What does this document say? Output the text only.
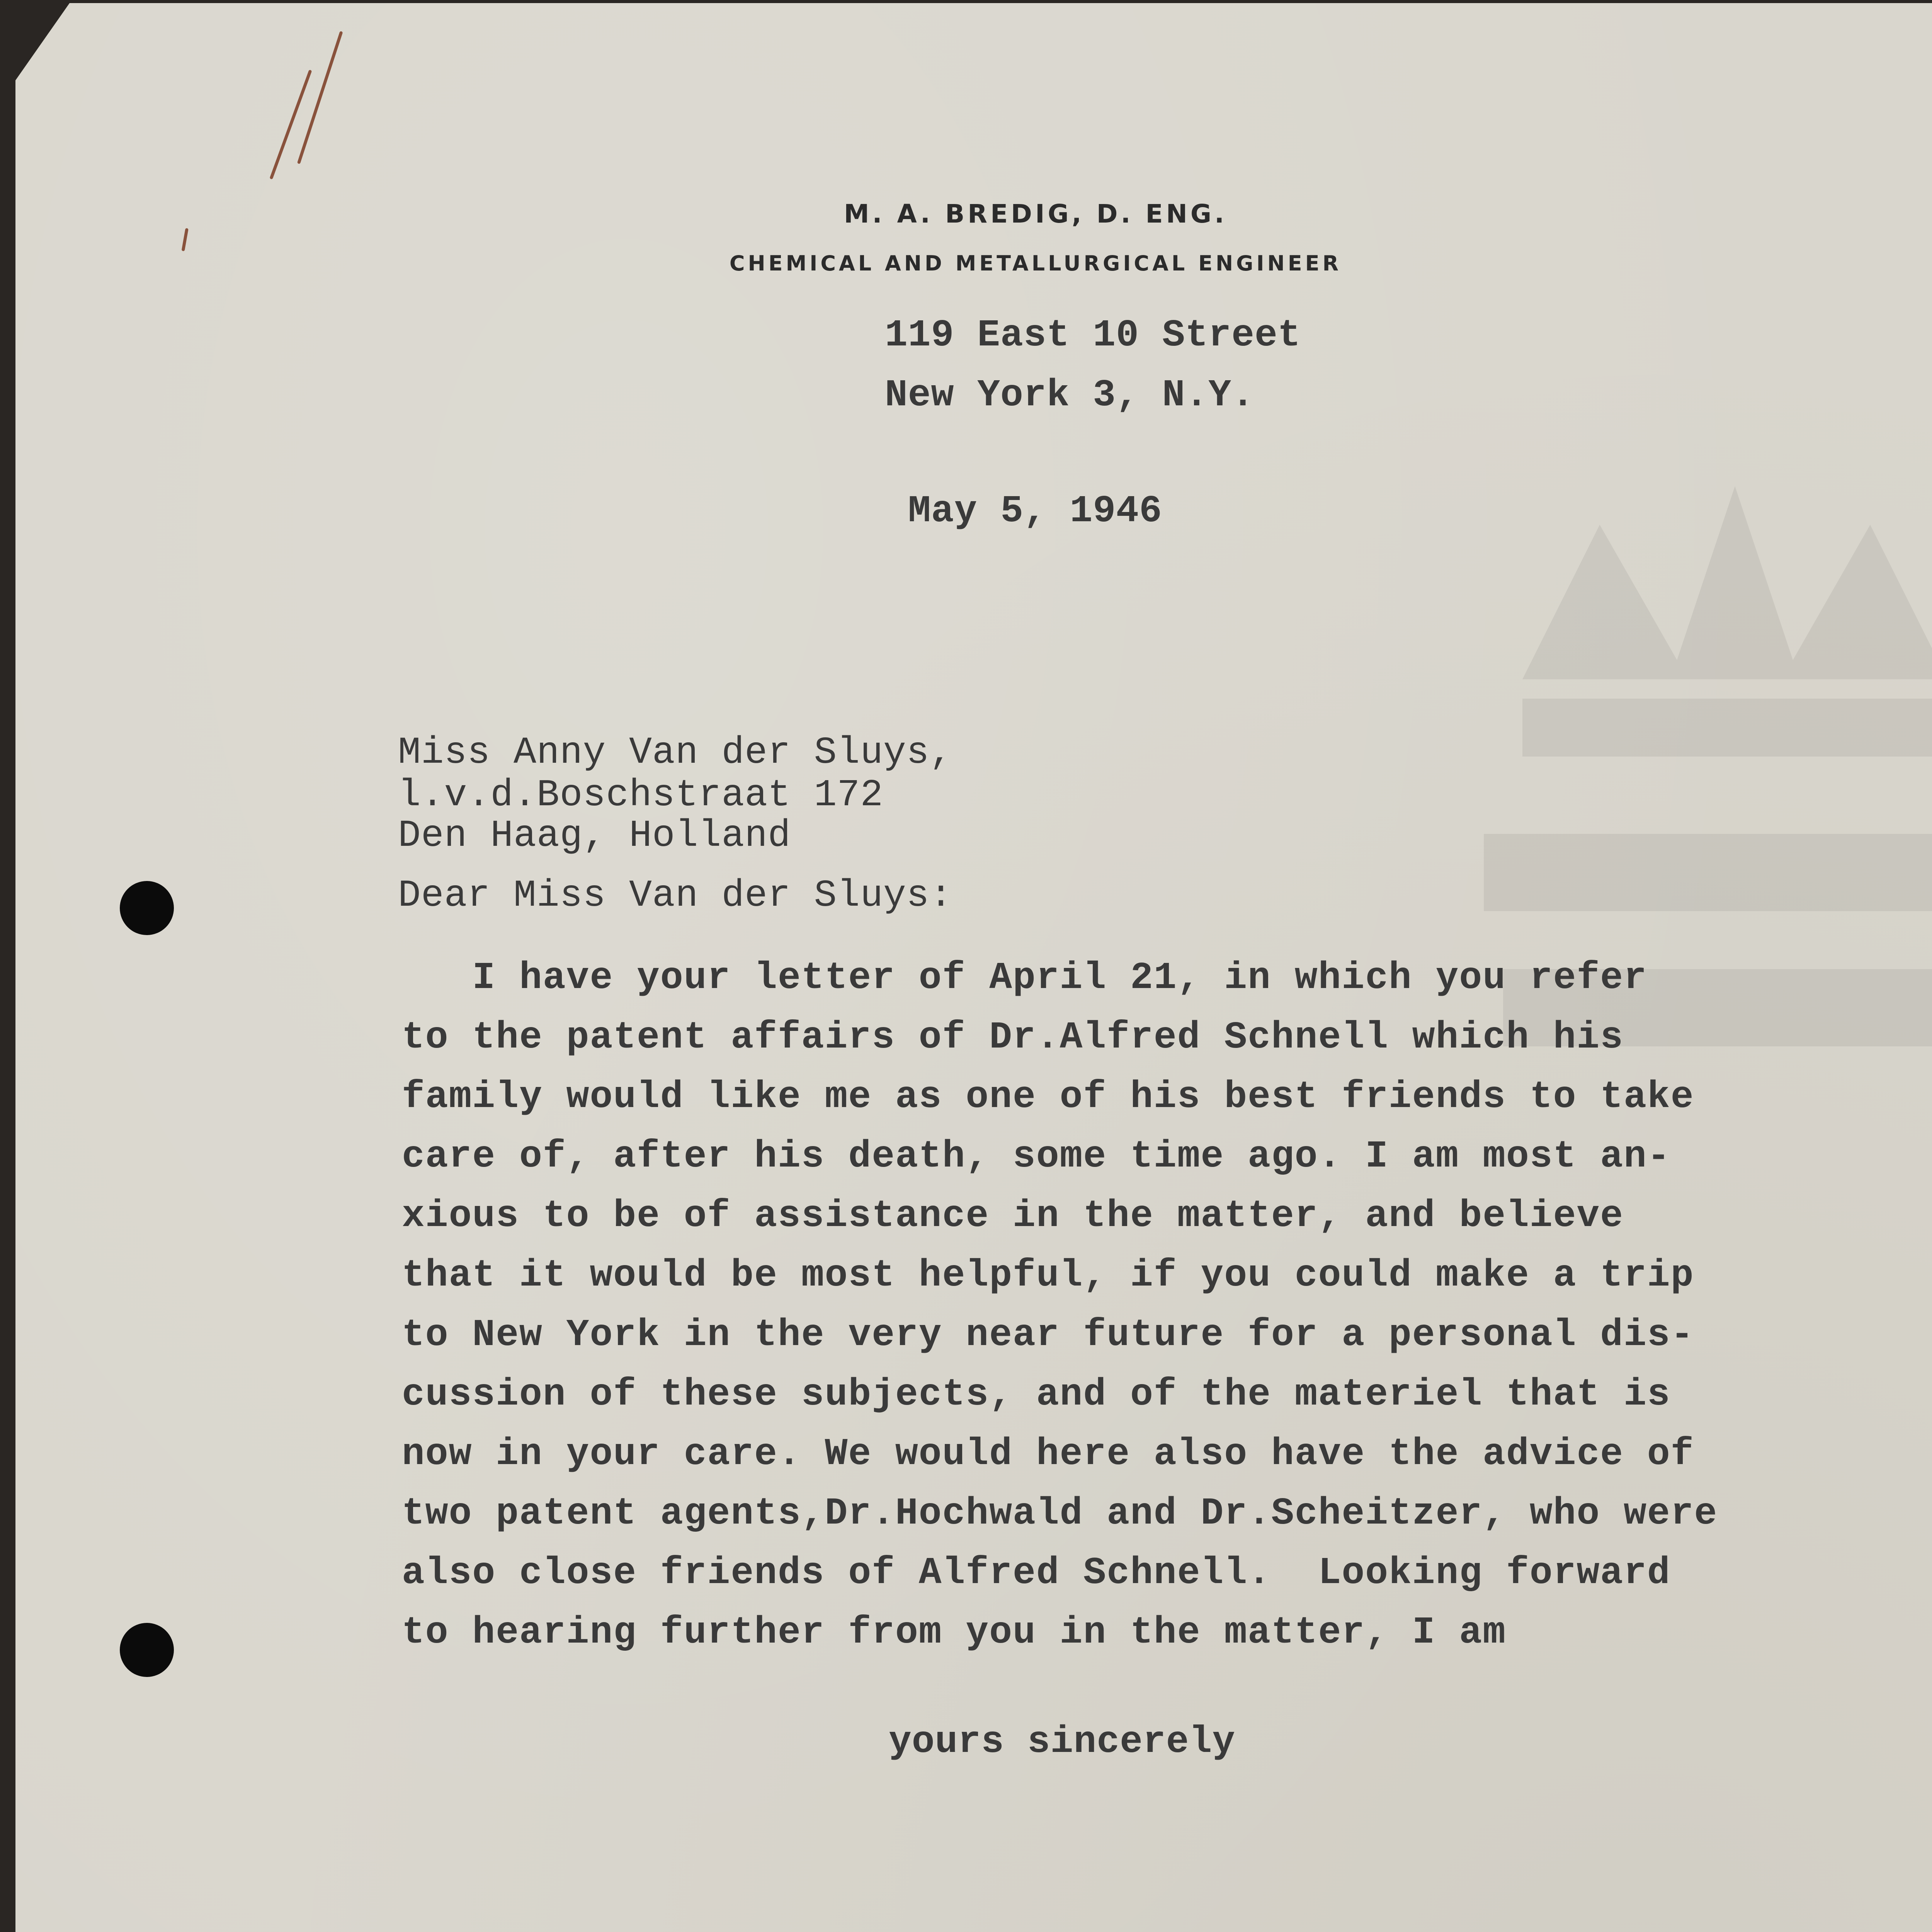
M. A. BREDIG, D. ENG.
CHEMICAL AND METALLURGICAL ENGINEER
119 East 10 Street
New York 3, N.Y.
May 5, 1946
Miss Anny Van der Sluys,
l.v.d.Boschstraat 172
Den Haag, Holland
Dear Miss Van der Sluys:
I have your letter of April 21, in which you refer
to the patent affairs of Dr.Alfred Schnell which his
family would like me as one of his best friends to take
care of, after his death, some time ago. I am most an-
xious to be of assistance in the matter, and believe
that it would be most helpful, if you could make a trip
to New York in the very near future for a personal dis-
cussion of these subjects, and of the materiel that is
now in your care. We would here also have the advice of
two patent agents,Dr.Hochwald and Dr.Scheitzer, who were
also close friends of Alfred Schnell.  Looking forward
to hearing further from you in the matter, I am
yours sincerely
